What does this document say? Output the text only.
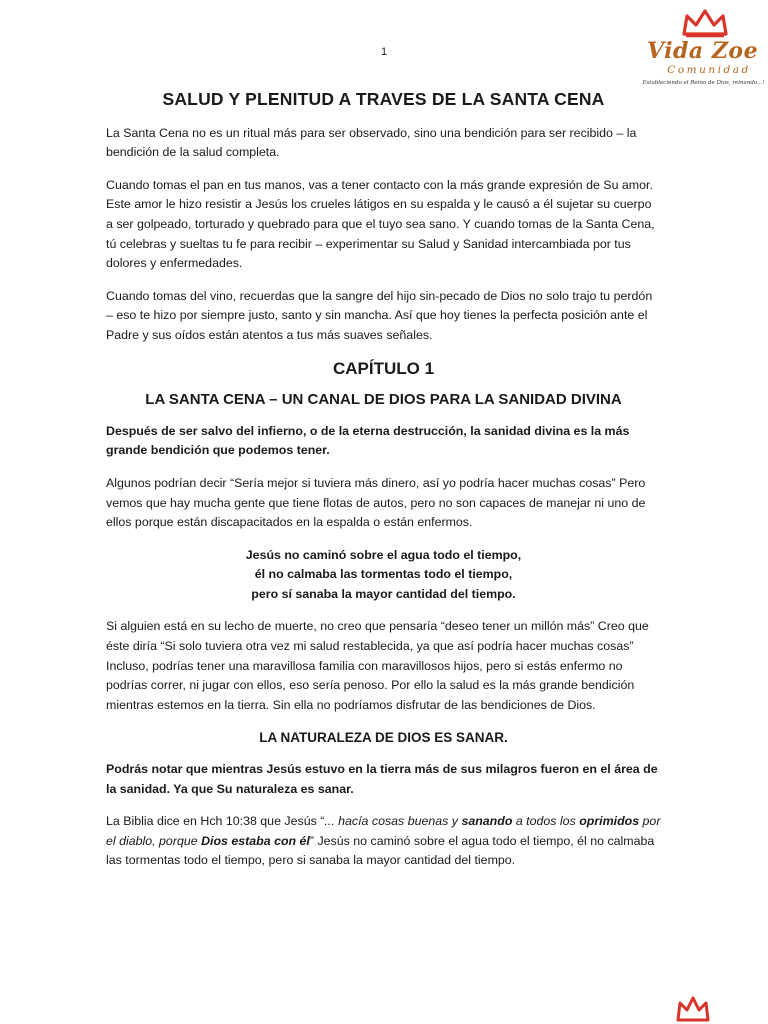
1	Vida Zoe
Comunidad
Estableciendo el Reino de Dios, reinando...!
SALUD Y PLENITUD A TRAVES DE LA SANTA CENA

La Santa Cena no es un ritual más para ser observado, sino una bendición para ser recibido – la bendición de la salud completa.

Cuando tomas el pan en tus manos, vas a tener contacto con la más grande expresión de Su amor. Este amor le hizo resistir a Jesús los crueles látigos en su espalda y le causó a él sujetar su cuerpo a ser golpeado, torturado y quebrado para que el tuyo sea sano. Y cuando tomas de la Santa Cena, tú celebras y sueltas tu fe para recibir – experimentar su Salud y Sanidad intercambiada por tus dolores y enfermedades.

Cuando tomas del vino, recuerdas que la sangre del hijo sin-pecado de Dios no solo trajo tu perdón – eso te hizo por siempre justo, santo y sin mancha. Así que hoy tienes la perfecta posición ante el Padre y sus oídos están atentos a tus más suaves señales.

CAPÍTULO 1
LA SANTA CENA – UN CANAL DE DIOS PARA LA SANIDAD DIVINA

Después de ser salvo del infierno, o de la eterna destrucción, la sanidad divina es la más grande bendición que podemos tener.

Algunos podrían decir “Sería mejor si tuviera más dinero, así yo podría hacer muchas cosas” Pero vemos que hay mucha gente que tiene flotas de autos, pero no son capaces de manejar ni uno de ellos porque están discapacitados en la espalda o están enfermos.

Jesús no caminó sobre el agua todo el tiempo,
él no calmaba las tormentas todo el tiempo,
pero sí sanaba la mayor cantidad del tiempo.

Si alguien está en su lecho de muerte, no creo que pensaría “deseo tener un millón más” Creo que éste diría “Si solo tuviera otra vez mi salud restablecida, ya que así podría hacer muchas cosas” Incluso, podrías tener una maravillosa familia con maravillosos hijos, pero si estás enfermo no podrías correr, ni jugar con ellos, eso sería penoso. Por ello la salud es la más grande bendición mientras estemos en la tierra. Sin ella no podríamos disfrutar de las bendiciones de Dios.

LA NATURALEZA DE DIOS ES SANAR.

Podrás notar que mientras Jesús estuvo en la tierra más de sus milagros fueron en el área de la sanidad. Ya que Su naturaleza es sanar.

La Biblia dice en Hch 10:38 que Jesús “... hacía cosas buenas y sanando a todos los oprimidos por el diablo, porque Dios estaba con él” Jesús no caminó sobre el agua todo el tiempo, él no calmaba las tormentas todo el tiempo, pero si sanaba la mayor cantidad del tiempo.
